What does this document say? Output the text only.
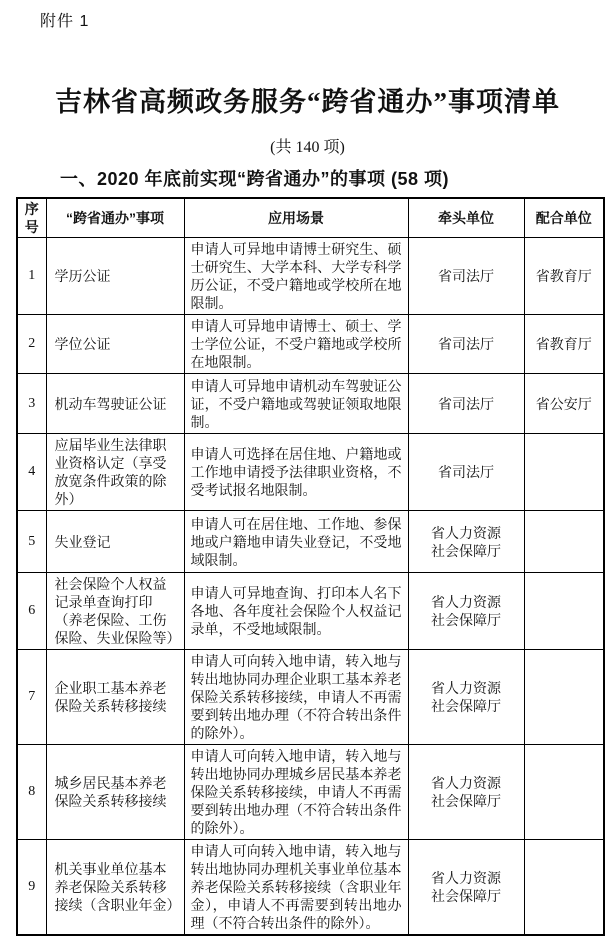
附件 1
吉林省高频政务服务“跨省通办”事项清单
(共 140 项)
一、2020 年底前实现“跨省通办”的事项 (58 项)
序号	“跨省通办”事项	应用场景	牵头单位	配合单位
1	学历公证	申请人可异地申请博士研究生、硕士研究生、大学本科、大学专科学历公证，不受户籍地或学校所在地限制。	省司法厅	省教育厅
2	学位公证	申请人可异地申请博士、硕士、学士学位公证，不受户籍地或学校所在地限制。	省司法厅	省教育厅
3	机动车驾驶证公证	申请人可异地申请机动车驾驶证公证，不受户籍地或驾驶证领取地限制。	省司法厅	省公安厅
4	应届毕业生法律职业资格认定（享受放宽条件政策的除外）	申请人可选择在居住地、户籍地或工作地申请授予法律职业资格，不受考试报名地限制。	省司法厅	
5	失业登记	申请人可在居住地、工作地、参保地或户籍地申请失业登记，不受地域限制。	省人力资源社会保障厅	
6	社会保险个人权益记录单查询打印（养老保险、工伤保险、失业保险等）	申请人可异地查询、打印本人名下各地、各年度社会保险个人权益记录单，不受地域限制。	省人力资源社会保障厅	
7	企业职工基本养老保险关系转移接续	申请人可向转入地申请，转入地与转出地协同办理企业职工基本养老保险关系转移接续，申请人不再需要到转出地办理（不符合转出条件的除外）。	省人力资源社会保障厅	
8	城乡居民基本养老保险关系转移接续	申请人可向转入地申请，转入地与转出地协同办理城乡居民基本养老保险关系转移接续，申请人不再需要到转出地办理（不符合转出条件的除外）。	省人力资源社会保障厅	
9	机关事业单位基本养老保险关系转移接续（含职业年金）	申请人可向转入地申请，转入地与转出地协同办理机关事业单位基本养老保险关系转移接续（含职业年金），申请人不再需要到转出地办理（不符合转出条件的除外）。	省人力资源社会保障厅	
